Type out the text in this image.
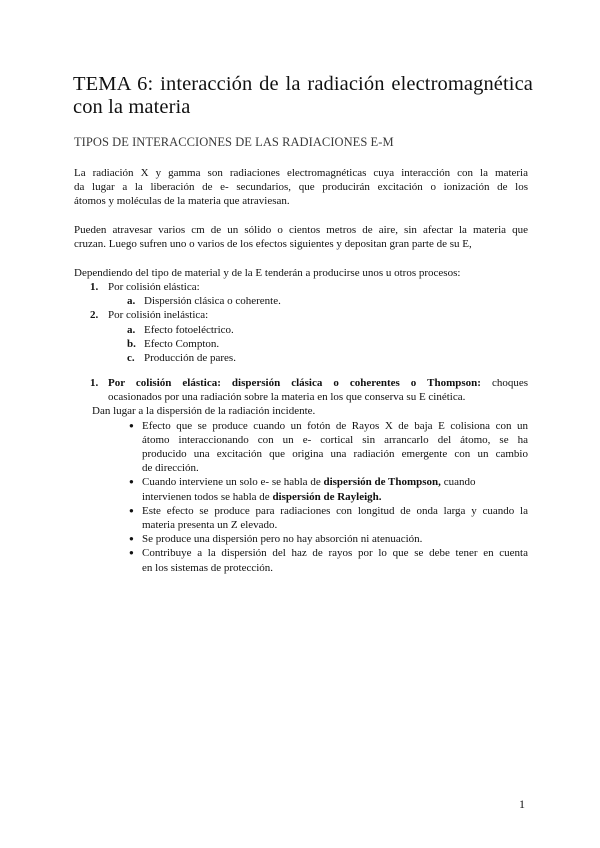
TEMA 6: interacción de la radiación electromagnética
con la materia
TIPOS DE INTERACCIONES DE LAS RADIACIONES E-M
La radiación X y gamma son radiaciones electromagnéticas cuya interacción con la materia
da lugar a la liberación de e- secundarios, que producirán excitación o ionización de los
átomos y moléculas de la materia que atraviesan.
Pueden atravesar varios cm de un sólido o cientos metros de aire, sin afectar la materia que
cruzan. Luego sufren uno o varios de los efectos siguientes y depositan gran parte de su E,
Dependiendo del tipo de material y de la E tenderán a producirse unos u otros procesos:
1. Por colisión elástica:
a. Dispersión clásica o coherente.
2. Por colisión inelástica:
a. Efecto fotoeléctrico.
b. Efecto Compton.
c. Producción de pares.
1. Por colisión elástica: dispersión clásica o coherentes o Thompson: choques
ocasionados por una radiación sobre la materia en los que conserva su E cinética.
Dan lugar a la dispersión de la radiación incidente.
● Efecto que se produce cuando un fotón de Rayos X de baja E colisiona con un
átomo interaccionando con un e- cortical sin arrancarlo del átomo, se ha
producido una excitación que origina una radiación emergente con un cambio
de dirección.
● Cuando interviene un solo e- se habla de dispersión de Thompson, cuando
intervienen todos se habla de dispersión de Rayleigh.
● Este efecto se produce para radiaciones con longitud de onda larga y cuando la
materia presenta un Z elevado.
● Se produce una dispersión pero no hay absorción ni atenuación.
● Contribuye a la dispersión del haz de rayos por lo que se debe tener en cuenta
en los sistemas de protección.
1
